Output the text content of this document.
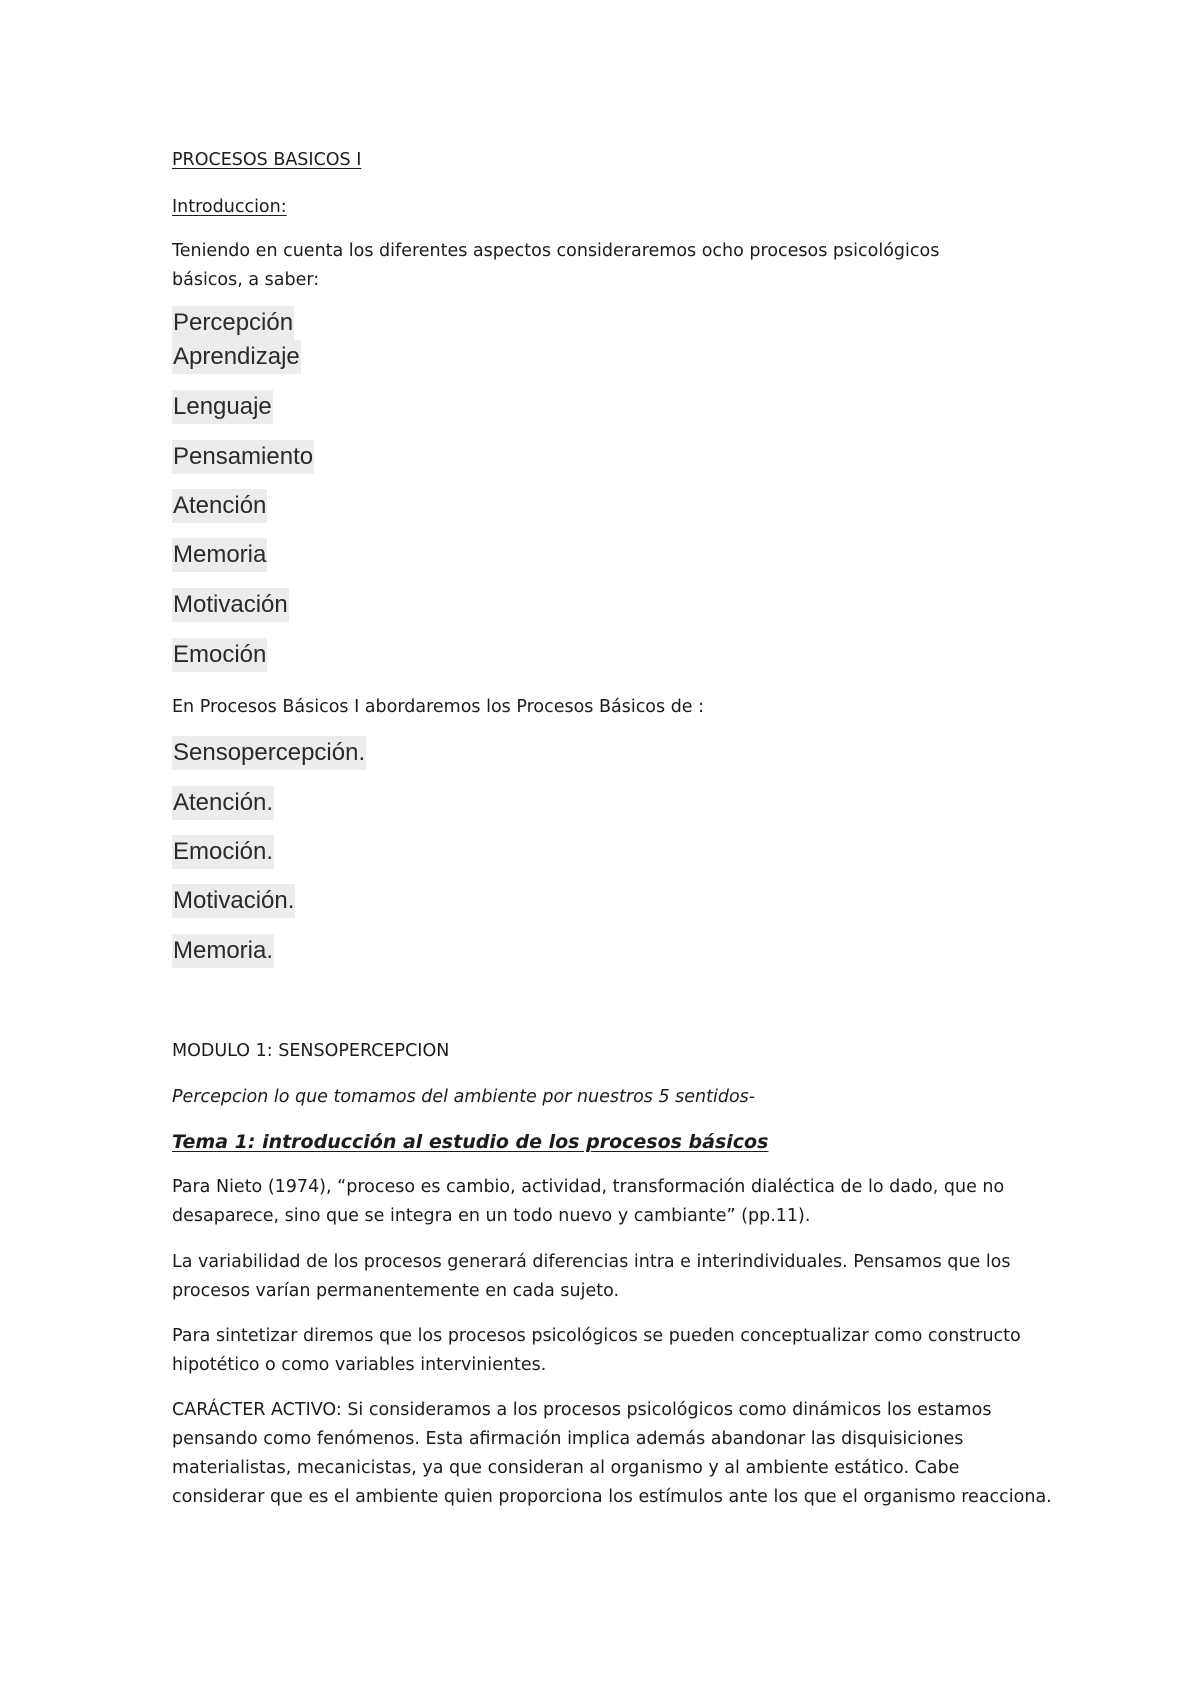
PROCESOS BASICOS I
Introduccion:
Teniendo en cuenta los diferentes aspectos consideraremos ocho procesos psicológicos básicos, a saber:
Percepción
Aprendizaje
Lenguaje
Pensamiento
Atención
Memoria
Motivación
Emoción
En Procesos Básicos I abordaremos los Procesos Básicos de :
Sensopercepción.
Atención.
Emoción.
Motivación.
Memoria.
MODULO 1: SENSOPERCEPCION
Percepcion lo que tomamos del ambiente por nuestros 5 sentidos-
Tema 1: introducción al estudio de los procesos básicos
Para Nieto (1974), “proceso es cambio, actividad, transformación dialéctica de lo dado, que no desaparece, sino que se integra en un todo nuevo y cambiante” (pp.11).
La variabilidad de los procesos generará diferencias intra e interindividuales. Pensamos que los procesos varían permanentemente en cada sujeto.
Para sintetizar diremos que los procesos psicológicos se pueden conceptualizar como constructo hipotético o como variables intervinientes.
CARÁCTER ACTIVO: Si consideramos a los procesos psicológicos como dinámicos los estamos pensando como fenómenos. Esta afirmación implica además abandonar las disquisiciones materialistas, mecanicistas, ya que consideran al organismo y al ambiente estático. Cabe considerar que es el ambiente quien proporciona los estímulos ante los que el organismo reacciona.
